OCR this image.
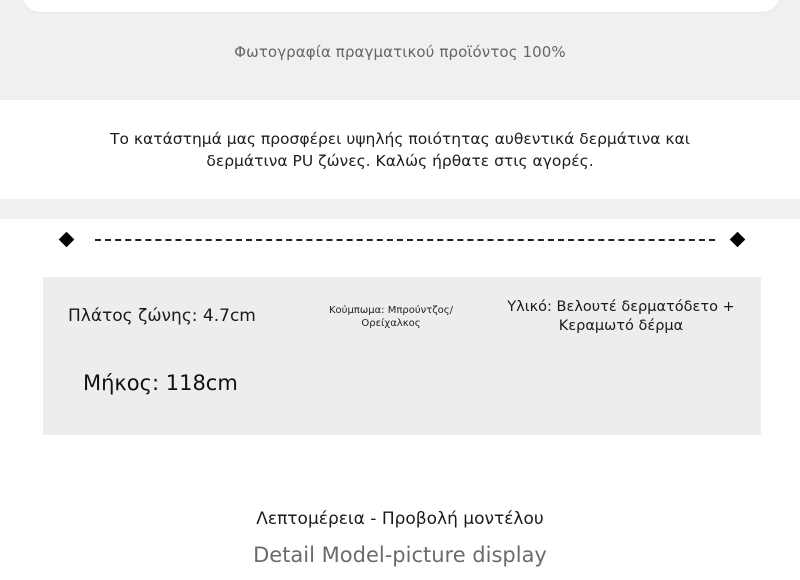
Φωτογραφία πραγματικού προϊόντος 100%
Το κατάστημά μας προσφέρει υψηλής ποιότητας αυθεντικά δερμάτινα και δερμάτινα PU ζώνες. Καλώς ήρθατε στις αγορές.
Πλάτος ζώνης: 4.7cm	Κούμπωμα: Μπρούντζος/Ορείχαλκος
Υλικό: Βελουτέ δερματόδετο + Κεραμωτό δέρμα
Μήκος: 118cm
Λεπτομέρεια - Προβολή μοντέλου
Detail Model-picture display
